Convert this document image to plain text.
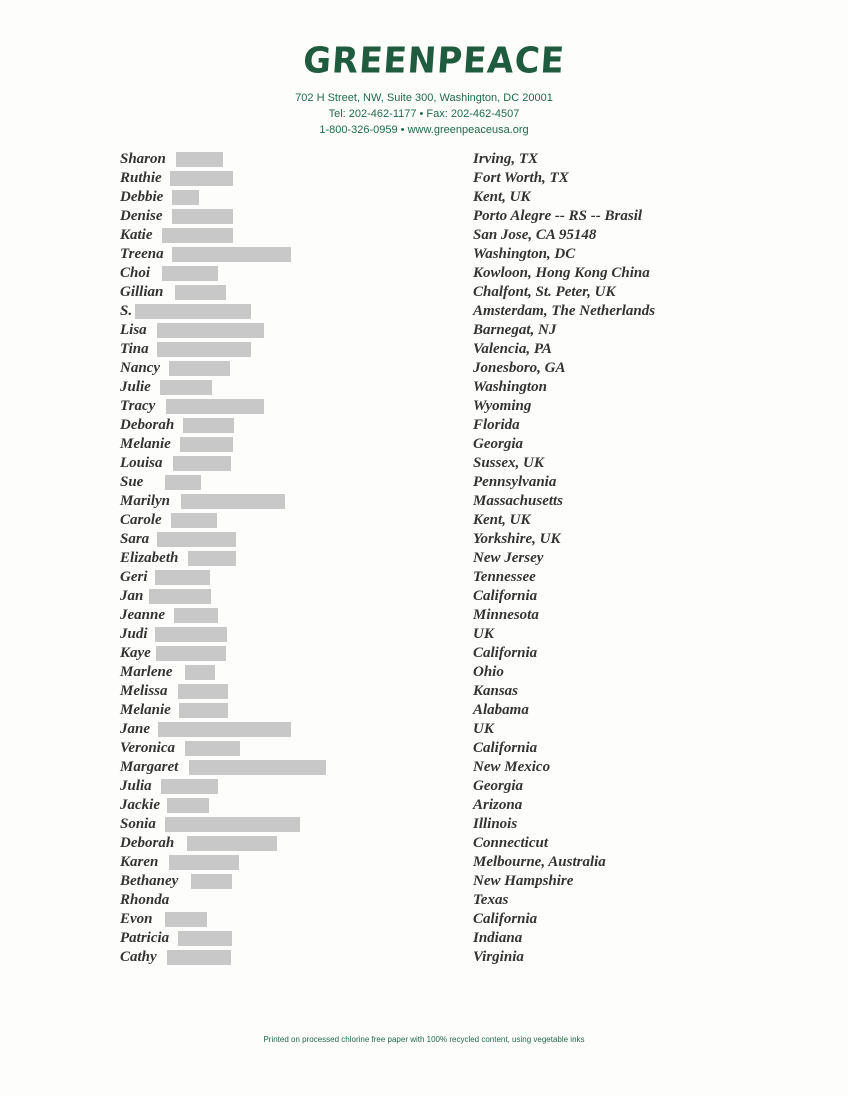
GREENPEACE
702 H Street, NW, Suite 300, Washington, DC 20001
Tel: 202-462-1177 • Fax: 202-462-4507
1-800-326-0959 • www.greenpeaceusa.org
Sharon	Irving, TX
Ruthie	Fort Worth, TX
Debbie	Kent, UK
Denise	Porto Alegre -- RS -- Brasil
Katie	San Jose, CA 95148
Treena	Washington, DC
Choi	Kowloon, Hong Kong China
Gillian	Chalfont, St. Peter, UK
S.	Amsterdam, The Netherlands
Lisa	Barnegat, NJ
Tina	Valencia, PA
Nancy	Jonesboro, GA
Julie	Washington
Tracy	Wyoming
Deborah	Florida
Melanie	Georgia
Louisa	Sussex, UK
Sue	Pennsylvania
Marilyn	Massachusetts
Carole	Kent, UK
Sara	Yorkshire, UK
Elizabeth	New Jersey
Geri	Tennessee
Jan	California
Jeanne	Minnesota
Judi	UK
Kaye	California
Marlene	Ohio
Melissa	Kansas
Melanie	Alabama
Jane	UK
Veronica	California
Margaret	New Mexico
Julia	Georgia
Jackie	Arizona
Sonia	Illinois
Deborah	Connecticut
Karen	Melbourne, Australia
Bethaney	New Hampshire
Rhonda	Texas
Evon	California
Patricia	Indiana
Cathy	Virginia
Printed on processed chlorine free paper with 100% recycled content, using vegetable inks
